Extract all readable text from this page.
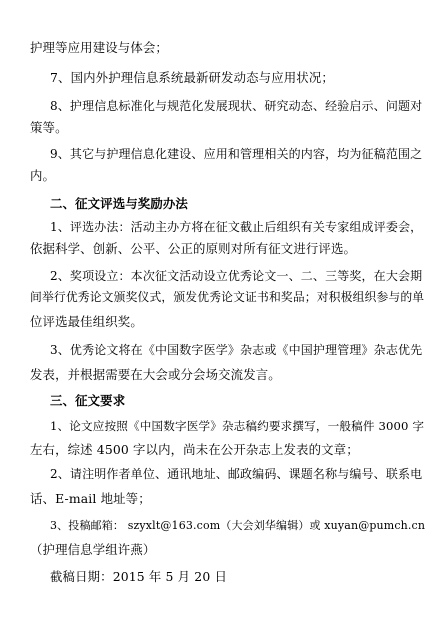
护理等应用建设与体会；
7、国内外护理信息系统最新研发动态与应用状况；
8、护理信息标准化与规范化发展现状、研究动态、经验启示、问题对
策等。
9、其它与护理信息化建设、应用和管理相关的内容，均为征稿范围之
内。
二、征文评选与奖励办法
1、评选办法：活动主办方将在征文截止后组织有关专家组成评委会，
依据科学、创新、公平、公正的原则对所有征文进行评选。
2、奖项设立：本次征文活动设立优秀论文一、二、三等奖，在大会期
间举行优秀论文颁奖仪式，颁发优秀论文证书和奖品；对积极组织参与的单
位评选最佳组织奖。
3、优秀论文将在《中国数字医学》杂志或《中国护理管理》杂志优先
发表，并根据需要在大会或分会场交流发言。
三、征文要求
1、论文应按照《中国数字医学》杂志稿约要求撰写，一般稿件 3000 字
左右，综述 4500 字以内，尚未在公开杂志上发表的文章；
2、请注明作者单位、通讯地址、邮政编码、课题名称与编号、联系电
话、E-mail 地址等；
3、投稿邮箱： szyxlt@163.com（大会刘华编辑）或 xuyan@pumch.cn
（护理信息学组许燕）
截稿日期：2015 年 5 月 20 日
